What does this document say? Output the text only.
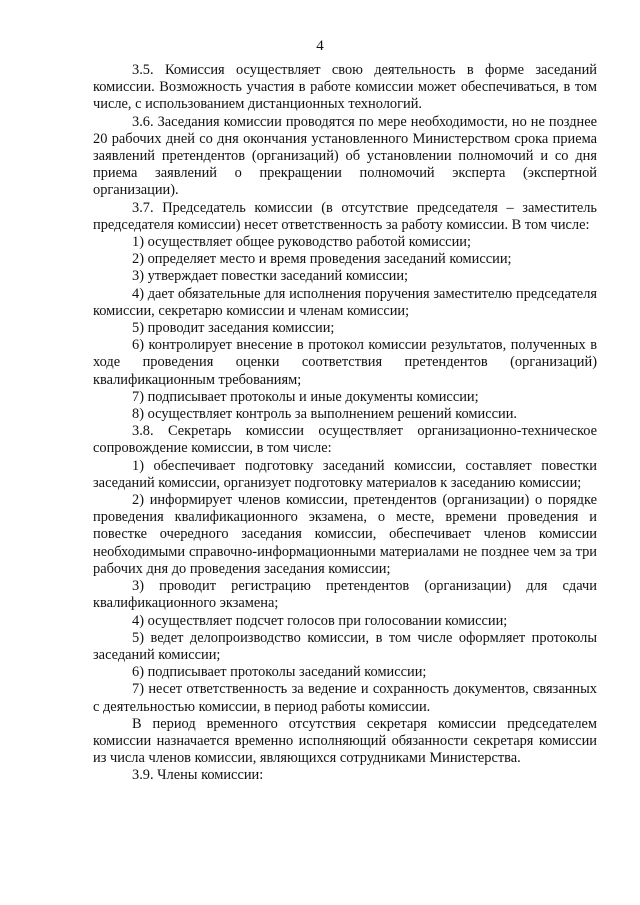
4

3.5. Комиссия осуществляет свою деятельность в форме заседаний комиссии. Возможность участия в работе комиссии может обеспечиваться, в том числе, с использованием дистанционных технологий.

3.6. Заседания комиссии проводятся по мере необходимости, но не позднее 20 рабочих дней со дня окончания установленного Министерством срока приема заявлений претендентов (организаций) об установлении полномочий и со дня приема заявлений о прекращении полномочий эксперта (экспертной организации).

3.7. Председатель комиссии (в отсутствие председателя – заместитель председателя комиссии) несет ответственность за работу комиссии. В том числе:

1) осуществляет общее руководство работой комиссии;

2) определяет место и время проведения заседаний комиссии;

3) утверждает повестки заседаний комиссии;

4) дает обязательные для исполнения поручения заместителю председателя комиссии, секретарю комиссии и членам комиссии;

5) проводит заседания комиссии;

6) контролирует внесение в протокол комиссии результатов, полученных в ходе проведения оценки соответствия претендентов (организаций) квалификационным требованиям;

7) подписывает протоколы и иные документы комиссии;

8) осуществляет контроль за выполнением решений комиссии.

3.8. Секретарь комиссии осуществляет организационно-техническое сопровождение комиссии, в том числе:

1) обеспечивает подготовку заседаний комиссии, составляет повестки заседаний комиссии, организует подготовку материалов к заседанию комиссии;

2) информирует членов комиссии, претендентов (организации) о порядке проведения квалификационного экзамена, о месте, времени проведения и повестке очередного заседания комиссии, обеспечивает членов комиссии необходимыми справочно-информационными материалами не позднее чем за три рабочих дня до проведения заседания комиссии;

3) проводит регистрацию претендентов (организации) для сдачи квалификационного экзамена;

4) осуществляет подсчет голосов при голосовании комиссии;

5) ведет делопроизводство комиссии, в том числе оформляет протоколы заседаний комиссии;

6) подписывает протоколы заседаний комиссии;

7) несет ответственность за ведение и сохранность документов, связанных с деятельностью комиссии, в период работы комиссии.

В период временного отсутствия секретаря комиссии председателем комиссии назначается временно исполняющий обязанности секретаря комиссии из числа членов комиссии, являющихся сотрудниками Министерства.

3.9. Члены комиссии:
